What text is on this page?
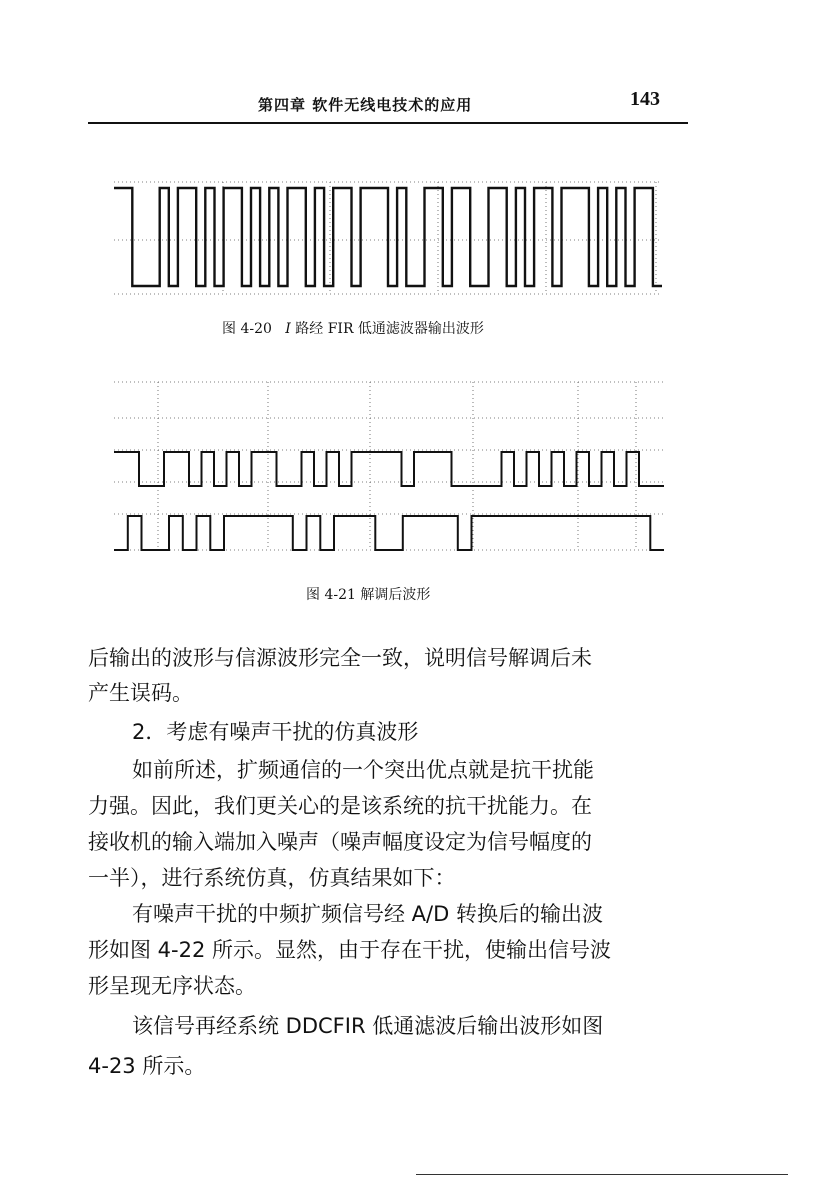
第四章 软件无线电技术的应用	143
图 4-20 I 路经 FIR 低通滤波器输出波形
图 4-21 解调后波形
后输出的波形与信源波形完全一致，说明信号解调后未
产生误码。
2．考虑有噪声干扰的仿真波形
如前所述，扩频通信的一个突出优点就是抗干扰能
力强。因此，我们更关心的是该系统的抗干扰能力。在
接收机的输入端加入噪声（噪声幅度设定为信号幅度的
一半），进行系统仿真，仿真结果如下：
有噪声干扰的中频扩频信号经 A/D 转换后的输出波
形如图 4-22 所示。显然，由于存在干扰，使输出信号波
形呈现无序状态。
该信号再经系统 DDCFIR 低通滤波后输出波形如图
4-23 所示。
